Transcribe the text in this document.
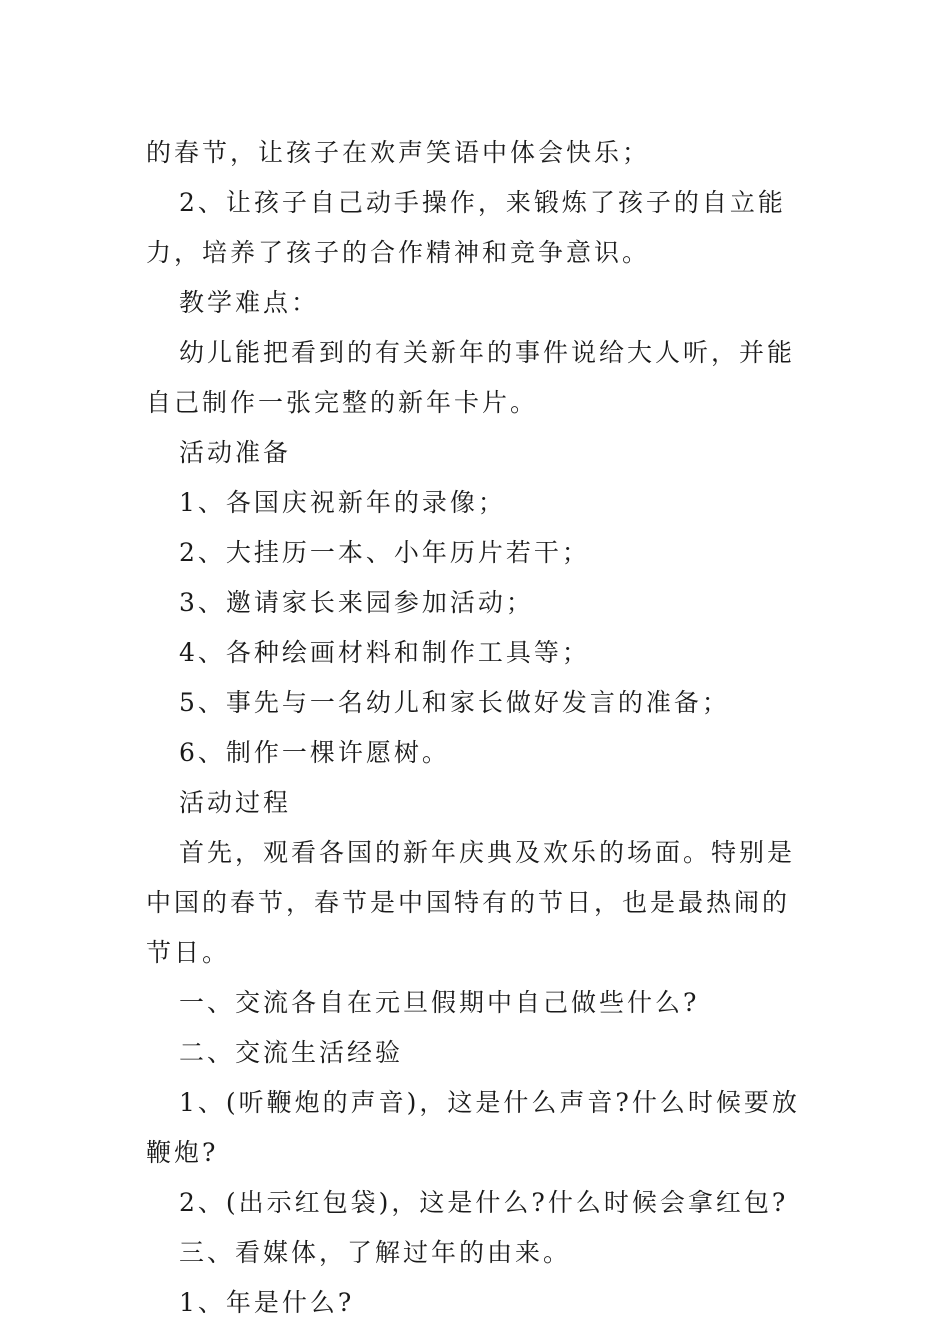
的春节，让孩子在欢声笑语中体会快乐；

2、让孩子自己动手操作，来锻炼了孩子的自立能力，培养了孩子的合作精神和竞争意识。

教学难点：

幼儿能把看到的有关新年的事件说给大人听，并能自己制作一张完整的新年卡片。

活动准备

1、各国庆祝新年的录像；

2、大挂历一本、小年历片若干；

3、邀请家长来园参加活动；

4、各种绘画材料和制作工具等；

5、事先与一名幼儿和家长做好发言的准备；

6、制作一棵许愿树。

活动过程

首先，观看各国的新年庆典及欢乐的场面。特别是中国的春节，春节是中国特有的节日，也是最热闹的节日。

一、交流各自在元旦假期中自己做些什么?

二、交流生活经验

1、(听鞭炮的声音)，这是什么声音?什么时候要放鞭炮?

2、(出示红包袋)，这是什么?什么时候会拿红包?

三、看媒体，了解过年的由来。

1、年是什么?
